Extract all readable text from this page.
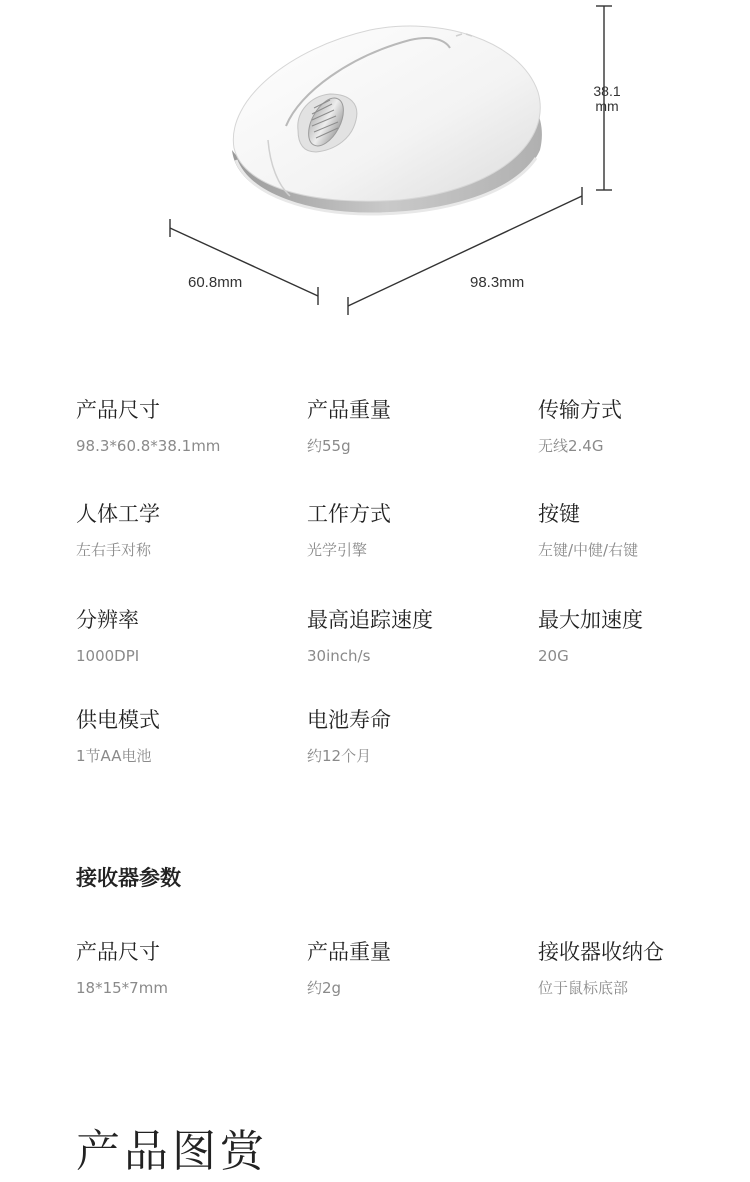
38.1
mm
60.8mm	98.3mm
产品尺寸
98.3*60.8*38.1mm
产品重量
约55g
传输方式
无线2.4G
人体工学
左右手对称
工作方式
光学引擎
按键
左键/中健/右键
分辨率
1000DPI
最高追踪速度
30inch/s
最大加速度
20G
供电模式
1节AA电池
电池寿命
约12个月
接收器参数
产品尺寸
18*15*7mm
产品重量
约2g
接收器收纳仓
位于鼠标底部
产品图赏
